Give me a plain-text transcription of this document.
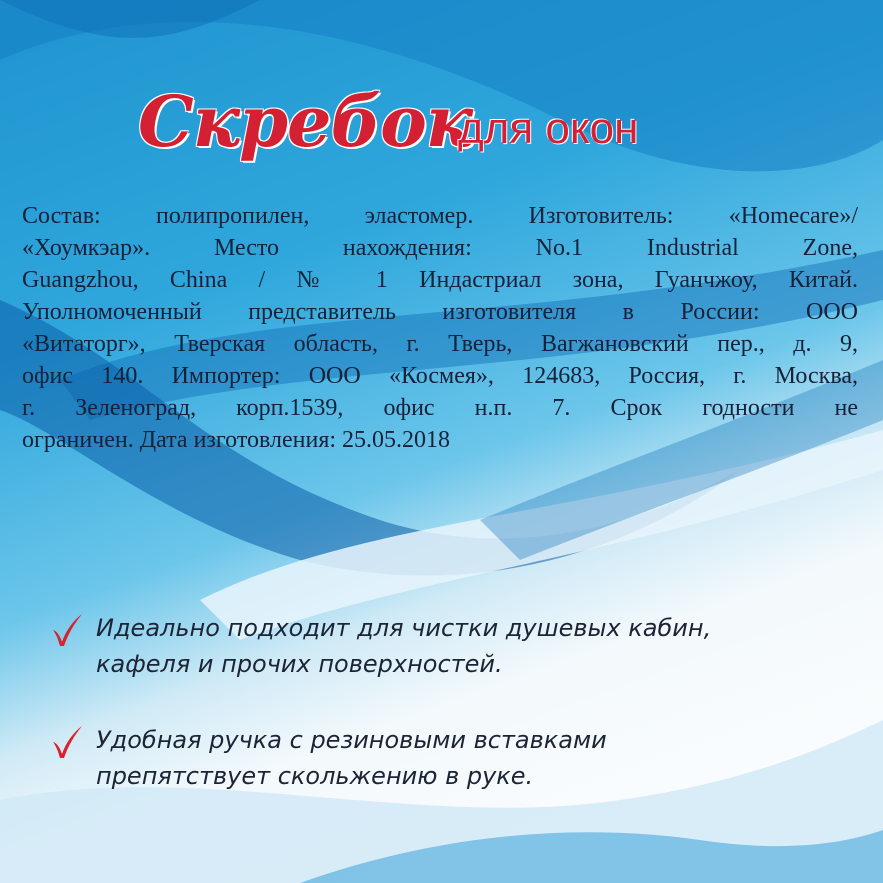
Скребок
для окон
Состав: полипропилен, эластомер. Изготовитель: «Homecare»/
«Хоумкэар». Место нахождения: No.1 Industrial Zone,
Guangzhou, China / № 1 Индастриал зона, Гуанчжоу, Китай.
Уполномоченный представитель изготовителя в России: ООО
«Витаторг», Тверская область, г. Тверь, Вагжановский пер., д. 9,
офис 140. Импортер: ООО «Космея», 124683, Россия, г. Москва,
г. Зеленоград, корп.1539, офис н.п. 7. Срок годности не
ограничен. Дата изготовления: 25.05.2018
Идеально подходит для чистки душевых кабин,
кафеля и прочих поверхностей.
Удобная ручка с резиновыми вставками
препятствует скольжению в руке.
